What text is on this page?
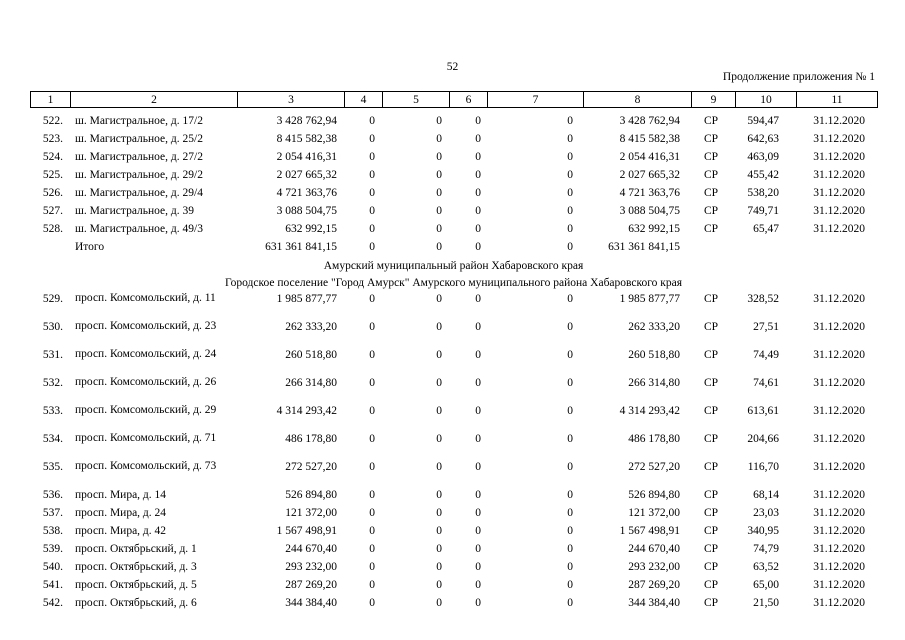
52
Продолжение приложения № 1
1	2	3	4	5	6	7	8	9	10	11
522. ш. Магистральное, д. 17/2	3 428 762,94	0	0	0	0	3 428 762,94	СР	594,47	31.12.2020
523. ш. Магистральное, д. 25/2	8 415 582,38	0	0	0	0	8 415 582,38	СР	642,63	31.12.2020
524. ш. Магистральное, д. 27/2	2 054 416,31	0	0	0	0	2 054 416,31	СР	463,09	31.12.2020
525. ш. Магистральное, д. 29/2	2 027 665,32	0	0	0	0	2 027 665,32	СР	455,42	31.12.2020
526. ш. Магистральное, д. 29/4	4 721 363,76	0	0	0	0	4 721 363,76	СР	538,20	31.12.2020
527. ш. Магистральное, д. 39	3 088 504,75	0	0	0	0	3 088 504,75	СР	749,71	31.12.2020
528. ш. Магистральное, д. 49/3	632 992,15	0	0	0	0	632 992,15	СР	65,47	31.12.2020
Итого	631 361 841,15	0	0	0	0	631 361 841,15
Амурский муниципальный район Хабаровского края
Городское поселение "Город Амурск" Амурского муниципального района Хабаровского края
529. просп. Комсомольский, д. 11	1 985 877,77	0	0	0	0	1 985 877,77	СР	328,52	31.12.2020
530. просп. Комсомольский, д. 23	262 333,20	0	0	0	0	262 333,20	СР	27,51	31.12.2020
531. просп. Комсомольский, д. 24	260 518,80	0	0	0	0	260 518,80	СР	74,49	31.12.2020
532. просп. Комсомольский, д. 26	266 314,80	0	0	0	0	266 314,80	СР	74,61	31.12.2020
533. просп. Комсомольский, д. 29	4 314 293,42	0	0	0	0	4 314 293,42	СР	613,61	31.12.2020
534. просп. Комсомольский, д. 71	486 178,80	0	0	0	0	486 178,80	СР	204,66	31.12.2020
535. просп. Комсомольский, д. 73	272 527,20	0	0	0	0	272 527,20	СР	116,70	31.12.2020
536. просп. Мира, д. 14	526 894,80	0	0	0	0	526 894,80	СР	68,14	31.12.2020
537. просп. Мира, д. 24	121 372,00	0	0	0	0	121 372,00	СР	23,03	31.12.2020
538. просп. Мира, д. 42	1 567 498,91	0	0	0	0	1 567 498,91	СР	340,95	31.12.2020
539. просп. Октябрьский, д. 1	244 670,40	0	0	0	0	244 670,40	СР	74,79	31.12.2020
540. просп. Октябрьский, д. 3	293 232,00	0	0	0	0	293 232,00	СР	63,52	31.12.2020
541. просп. Октябрьский, д. 5	287 269,20	0	0	0	0	287 269,20	СР	65,00	31.12.2020
542. просп. Октябрьский, д. 6	344 384,40	0	0	0	0	344 384,40	СР	21,50	31.12.2020
